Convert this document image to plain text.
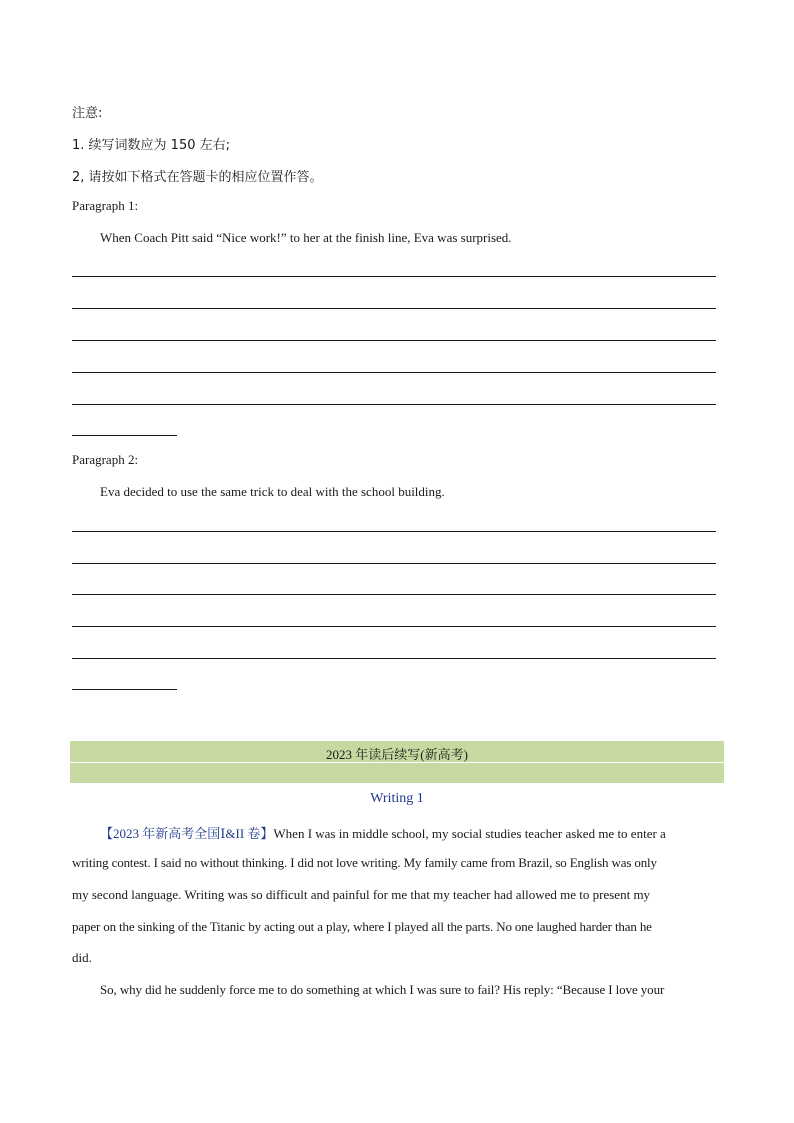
注意:
1. 续写词数应为 150 左右;
2, 请按如下格式在答题卡的相应位置作答。
Paragraph 1:
When Coach Pitt said “Nice work!” to her at the finish line, Eva was surprised.
Paragraph 2:
Eva decided to use the same trick to deal with the school building.
2023 年读后续写(新高考)
Writing 1
【2023 年新高考全国Ⅰ&II 卷】When I was in middle school, my social studies teacher asked me to enter a
writing contest. I said no without thinking. I did not love writing. My family came from Brazil, so English was only
my second language. Writing was so difficult and painful for me that my teacher had allowed me to present my
paper on the sinking of the Titanic by acting out a play, where I played all the parts. No one laughed harder than he
did.
So, why did he suddenly force me to do something at which I was sure to fail? His reply: “Because I love your
